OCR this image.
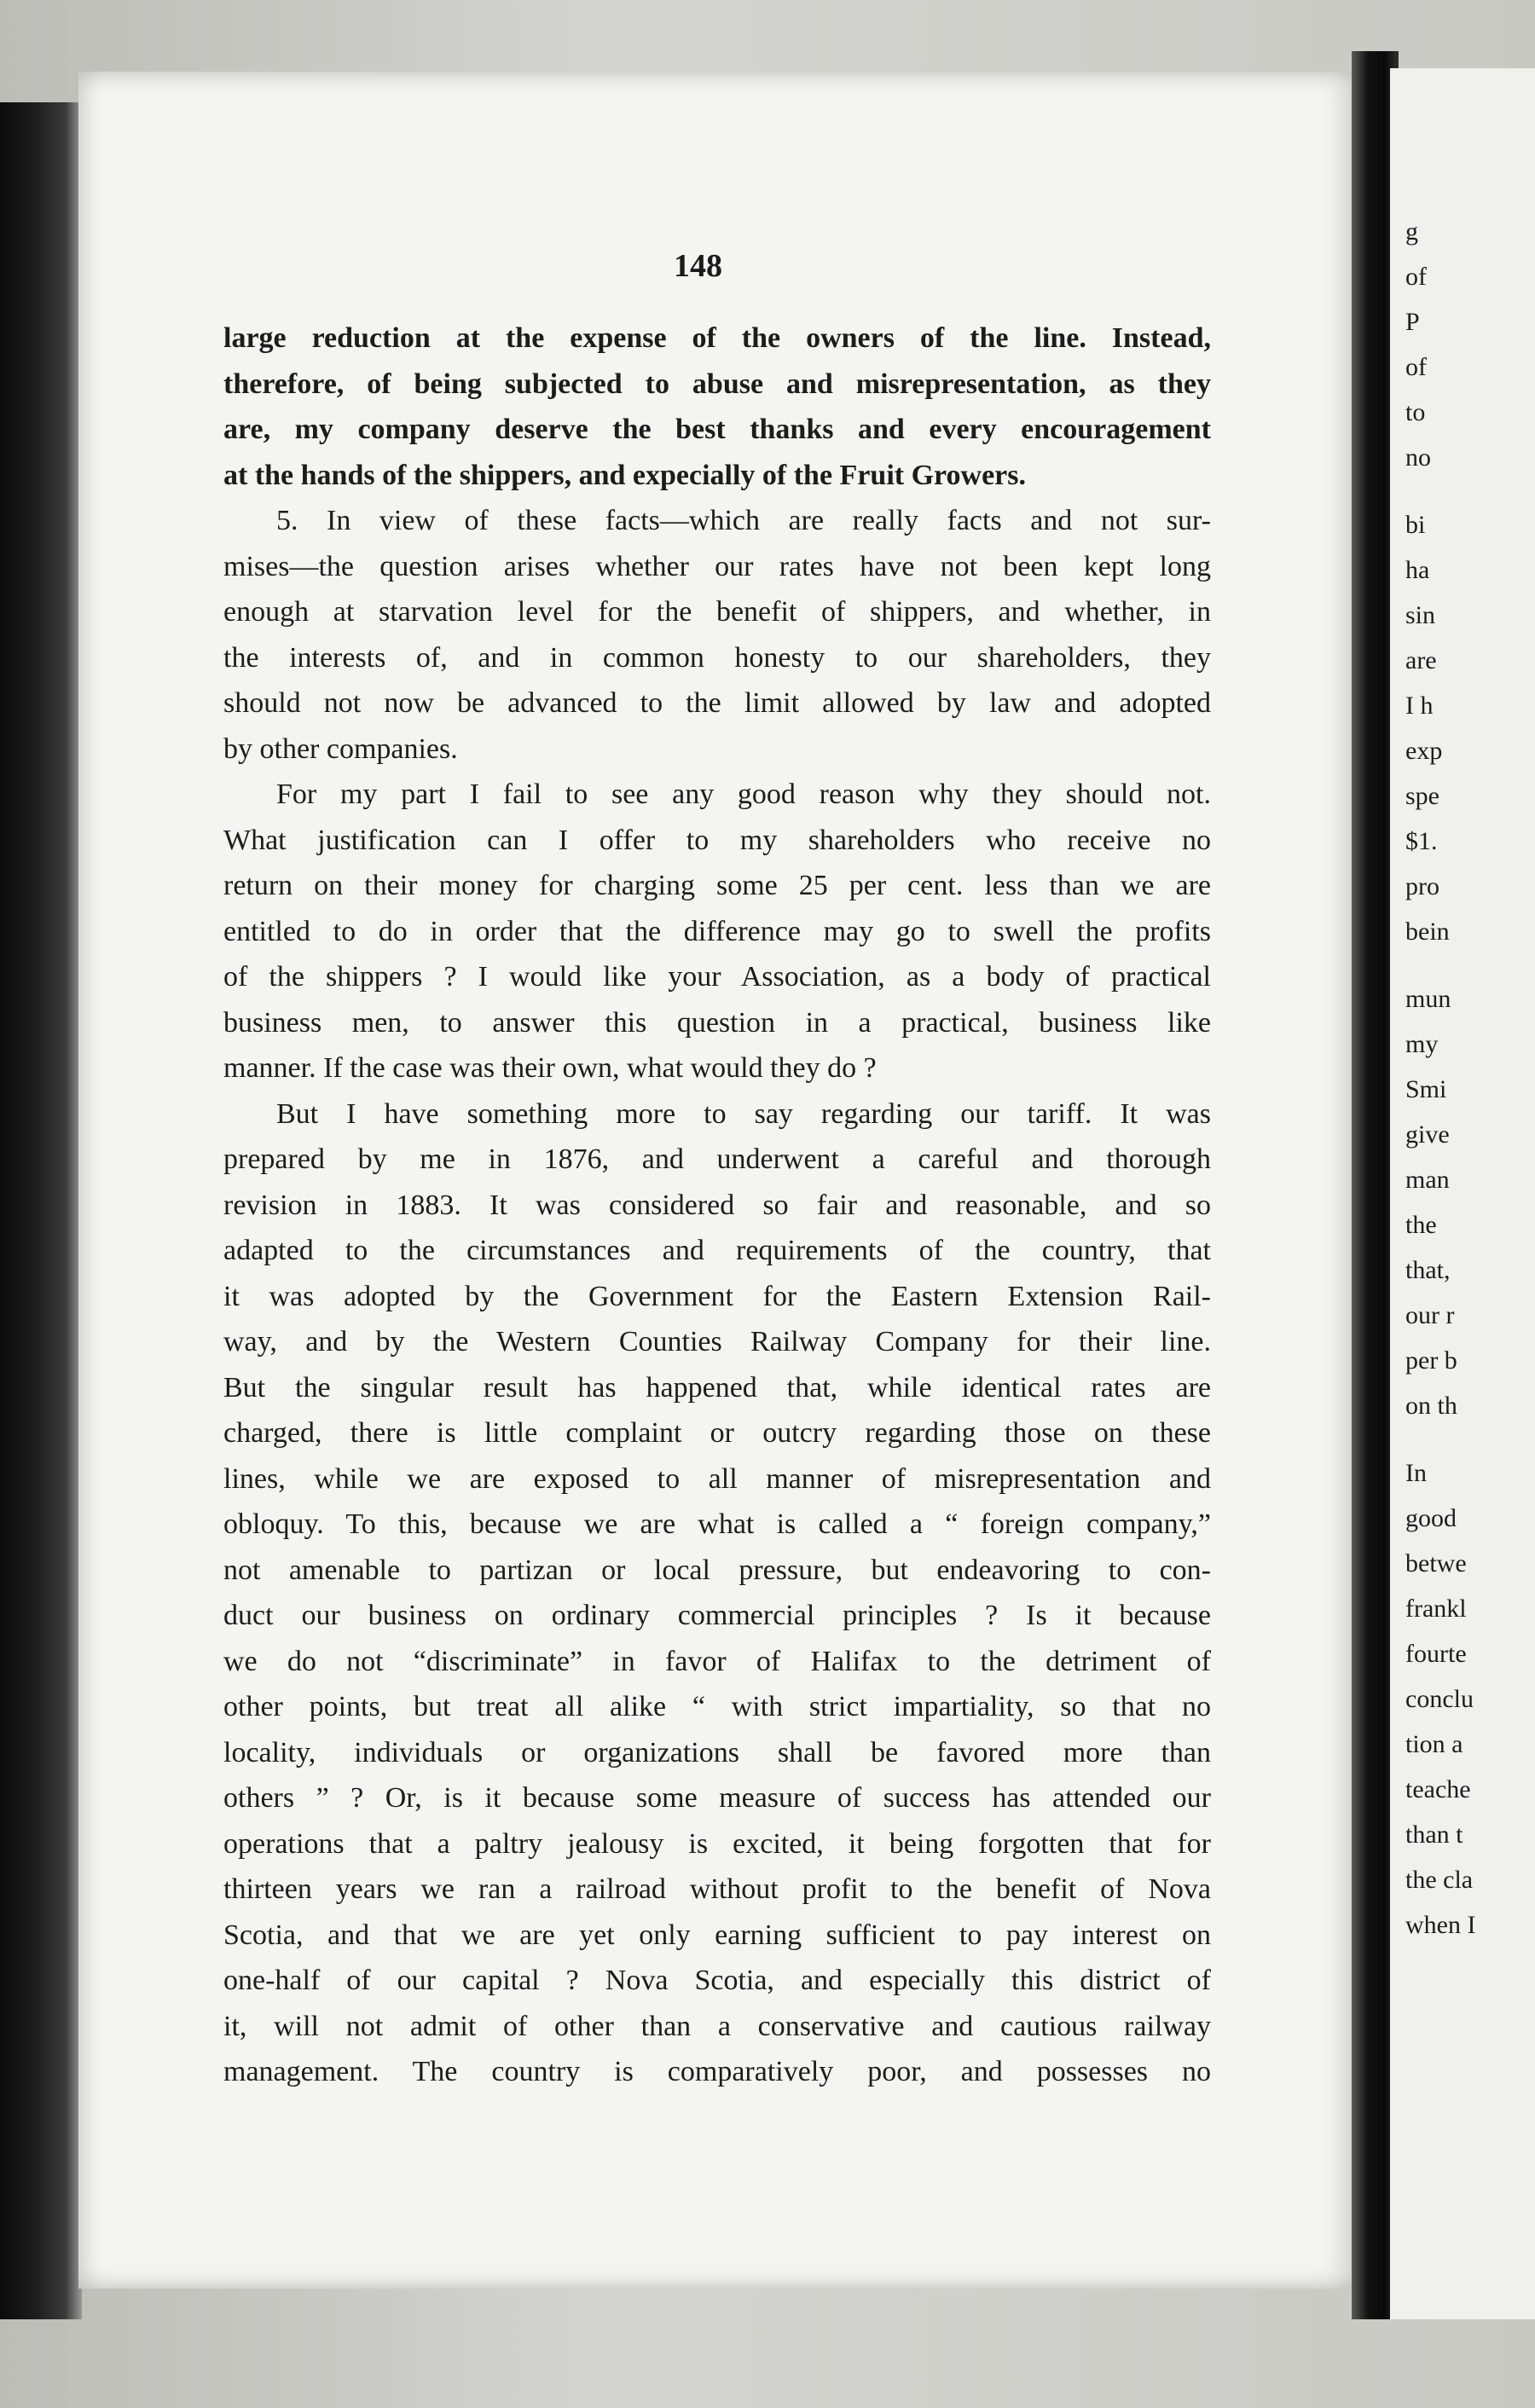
148
large reduction at the expense of the owners of the line. Instead,
therefore, of being subjected to abuse and misrepresentation, as they
are, my company deserve the best thanks and every encouragement
at the hands of the shippers, and expecially of the Fruit Growers.
5. In view of these facts—which are really facts and not sur-
mises—the question arises whether our rates have not been kept long
enough at starvation level for the benefit of shippers, and whether, in
the interests of, and in common honesty to our shareholders, they
should not now be advanced to the limit allowed by law and adopted
by other companies.
For my part I fail to see any good reason why they should not.
What justification can I offer to my shareholders who receive no
return on their money for charging some 25 per cent. less than we are
entitled to do in order that the difference may go to swell the profits
of the shippers ? I would like your Association, as a body of practical
business men, to answer this question in a practical, business like
manner. If the case was their own, what would they do ?
But I have something more to say regarding our tariff. It was
prepared by me in 1876, and underwent a careful and thorough
revision in 1883. It was considered so fair and reasonable, and so
adapted to the circumstances and requirements of the country, that
it was adopted by the Government for the Eastern Extension Rail-
way, and by the Western Counties Railway Company for their line.
But the singular result has happened that, while identical rates are
charged, there is little complaint or outcry regarding those on these
lines, while we are exposed to all manner of misrepresentation and
obloquy. To this, because we are what is called a “ foreign company,”
not amenable to partizan or local pressure, but endeavoring to con-
duct our business on ordinary commercial principles ? Is it because
we do not “discriminate” in favor of Halifax to the detriment of
other points, but treat all alike “ with strict impartiality, so that no
locality, individuals or organizations shall be favored more than
others ” ? Or, is it because some measure of success has attended our
operations that a paltry jealousy is excited, it being forgotten that for
thirteen years we ran a railroad without profit to the benefit of Nova
Scotia, and that we are yet only earning sufficient to pay interest on
one-half of our capital ? Nova Scotia, and especially this district of
it, will not admit of other than a conservative and cautious railway
management. The country is comparatively poor, and possesses no
g
of
P
of
to
no
bi
ha
sin
are
I h
exp
spe
$1.
pro
bein
mun
my
Smi
give
man
the
that,
our r
per b
on th
In
good
betwe
frankl
fourte
conclu
tion a
teache
than t
the cla
when I
